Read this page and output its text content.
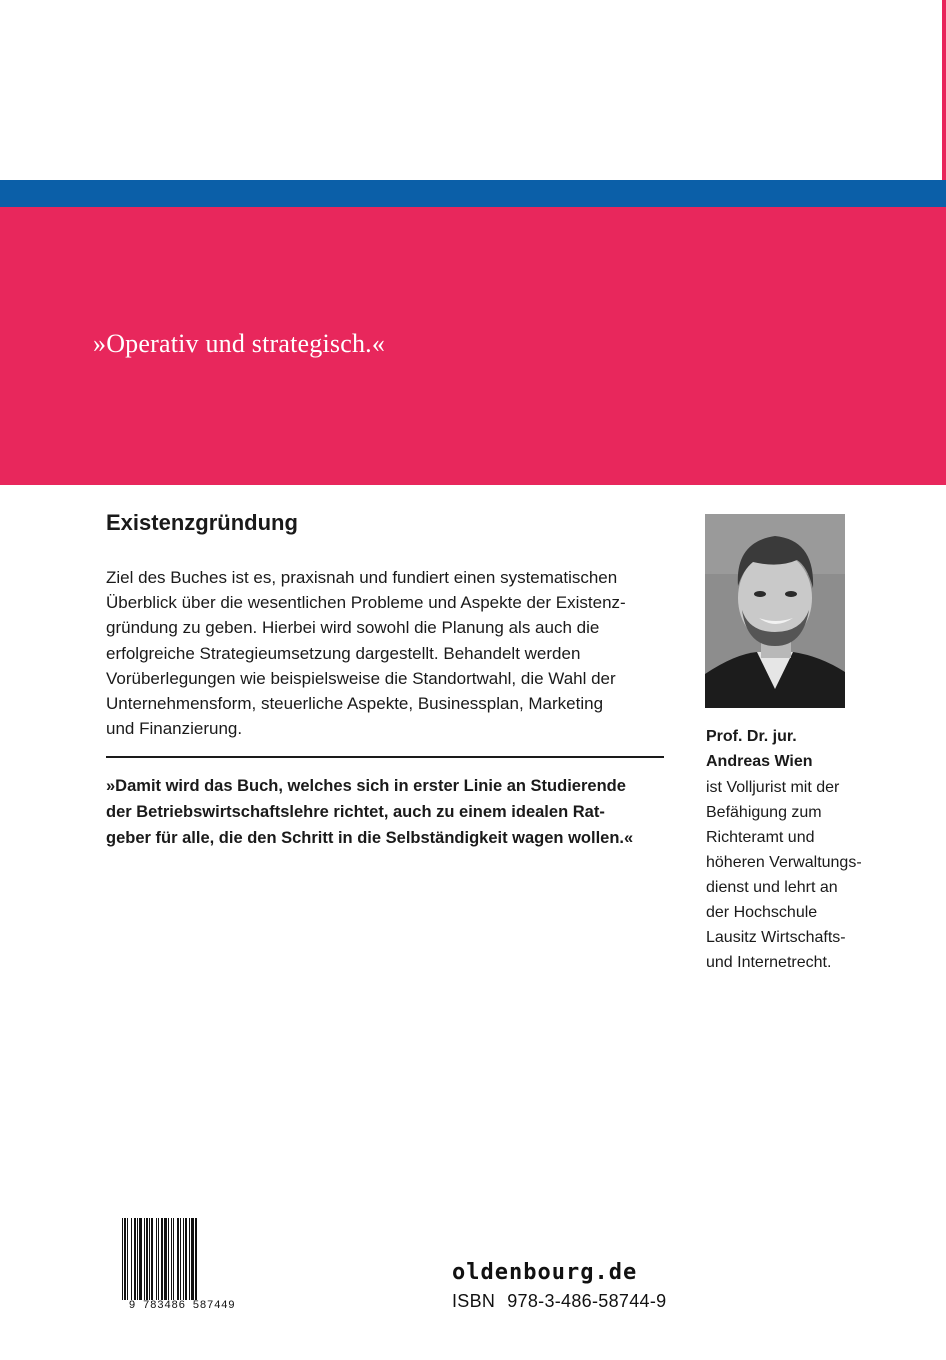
»Operativ und strategisch.«

Existenzgründung

Ziel des Buches ist es, praxisnah und fundiert einen systematischen
Überblick über die wesentlichen Probleme und Aspekte der Existenz-
gründung zu geben. Hierbei wird sowohl die Planung als auch die
erfolgreiche Strategieumsetzung dargestellt. Behandelt werden
Vorüberlegungen wie beispielsweise die Standortwahl, die Wahl der
Unternehmensform, steuerliche Aspekte, Businessplan, Marketing
und Finanzierung.

»Damit wird das Buch, welches sich in erster Linie an Studierende
der Betriebswirtschaftslehre richtet, auch zu einem idealen Rat-
geber für alle, die den Schritt in die Selbständigkeit wagen wollen.«

Prof. Dr. jur.
Andreas Wien

ist Volljurist mit der
Befähigung zum
Richteramt und
höheren Verwaltungs-
dienst und lehrt an
der Hochschule
Lausitz Wirtschafts-
und Internetrecht.

9 783486 587449

oldenbourg.de

ISBN 978-3-486-58744-9
